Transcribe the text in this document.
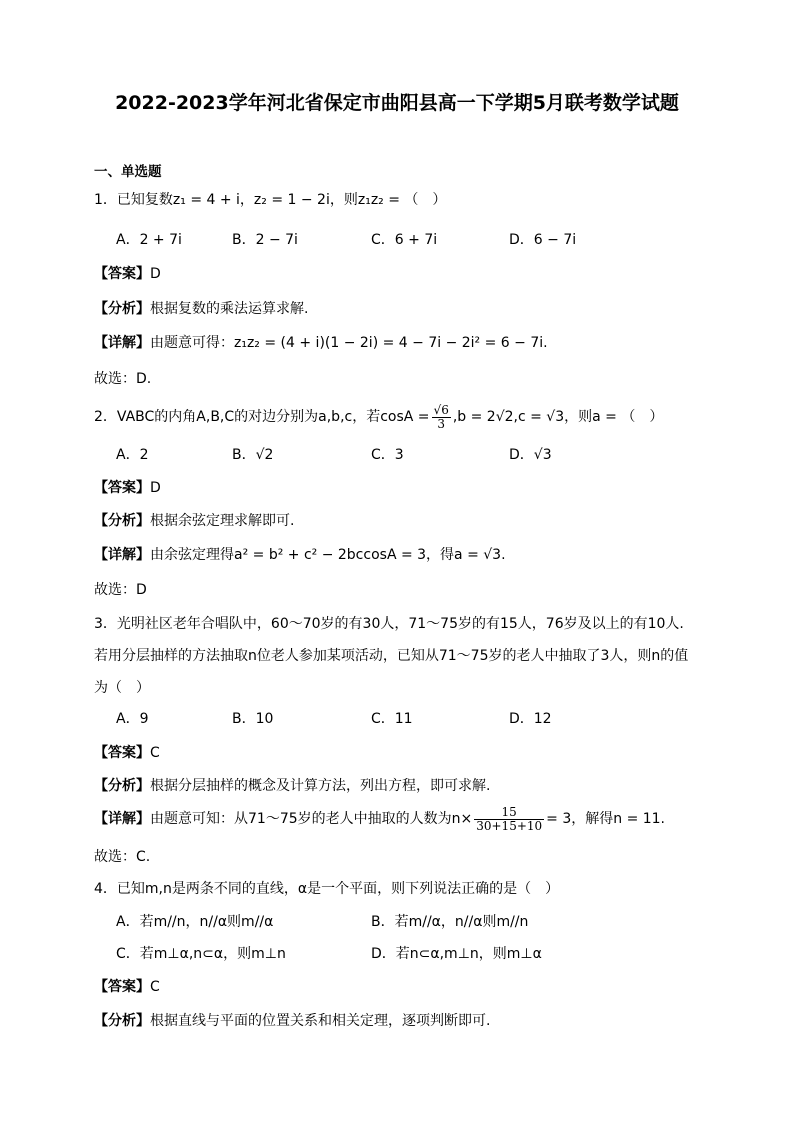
2022-2023学年河北省保定市曲阳县高一下学期5月联考数学试题
一、单选题
1．已知复数z₁ = 4 + i，z₂ = 1 − 2i，则z₁z₂ = （　）
A．2 + 7i	B．2 − 7i	C．6 + 7i	D．6 − 7i
【答案】D
【分析】根据复数的乘法运算求解.
【详解】由题意可得：z₁z₂ = (4 + i)(1 − 2i) = 4 − 7i − 2i² = 6 − 7i.
故选：D.
2．VABC的内角A,B,C的对边分别为a,b,c，若$\cos A = \frac{√6}{3} ,b = 2√2,c = √3$，则a = （　）
A．2	B．√2	C．3	D．√3
【答案】D
【分析】根据余弦定理求解即可.
【详解】由余弦定理得a² = b² + c² − 2bccosA = 3，得a = √3.
故选：D
3．光明社区老年合唱队中，60～70岁的有30人，71～75岁的有15人，76岁及以上的有10人.
若用分层抽样的方法抽取n位老人参加某项活动，已知从71～75岁的老人中抽取了3人，则n的值
为（　）
A．9	B．10	C．11	D．12
【答案】C
【分析】根据分层抽样的概念及计算方法，列出方程，即可求解.
【详解】由题意可知：从71～75岁的老人中抽取的人数为$n\times \frac{15}{30+15+10} = 3$，解得n = 11.
故选：C.
4．已知m,n是两条不同的直线，α是一个平面，则下列说法正确的是（　）
A．若m//n，n//α则m//α	B．若m//α，n//α则m//n
C．若m⊥α,n⊂α，则m⊥n	D．若n⊂α,m⊥n，则m⊥α
【答案】C
【分析】根据直线与平面的位置关系和相关定理，逐项判断即可.
